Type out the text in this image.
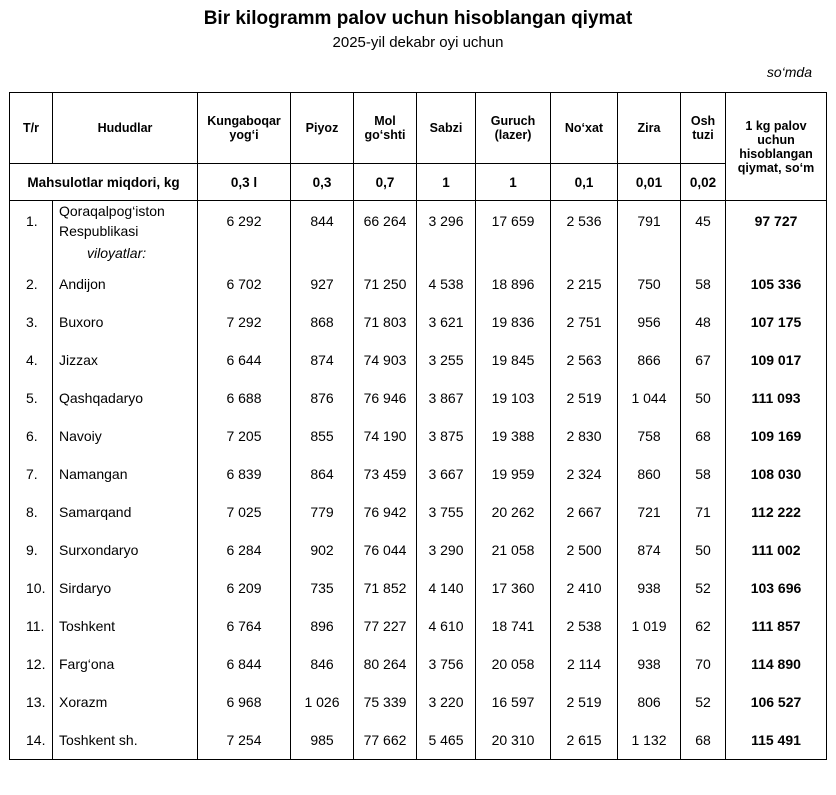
Bir kilogramm palov uchun hisoblangan qiymat
2025-yil dekabr oyi uchun
so‘mda
T/r	Hududlar	Kungaboqar yog‘i	Piyoz	Mol go‘shti	Sabzi	Guruch (lazer)	No‘xat	Zira	Osh tuzi	1 kg palov uchun hisoblangan qiymat, so‘m
Mahsulotlar miqdori, kg		0,3 l	0,3	0,7	1	1	0,1	0,01	0,02	
1.	Qoraqalpog‘iston Respublikasi	6 292	844	66 264	3 296	17 659	2 536	791	45	97 727
	viloyatlar:									
2.	Andijon	6 702	927	71 250	4 538	18 896	2 215	750	58	105 336
3.	Buxoro	7 292	868	71 803	3 621	19 836	2 751	956	48	107 175
4.	Jizzax	6 644	874	74 903	3 255	19 845	2 563	866	67	109 017
5.	Qashqadaryo	6 688	876	76 946	3 867	19 103	2 519	1 044	50	111 093
6.	Navoiy	7 205	855	74 190	3 875	19 388	2 830	758	68	109 169
7.	Namangan	6 839	864	73 459	3 667	19 959	2 324	860	58	108 030
8.	Samarqand	7 025	779	76 942	3 755	20 262	2 667	721	71	112 222
9.	Surxondaryo	6 284	902	76 044	3 290	21 058	2 500	874	50	111 002
10.	Sirdaryo	6 209	735	71 852	4 140	17 360	2 410	938	52	103 696
11.	Toshkent	6 764	896	77 227	4 610	18 741	2 538	1 019	62	111 857
12.	Farg‘ona	6 844	846	80 264	3 756	20 058	2 114	938	70	114 890
13.	Xorazm	6 968	1 026	75 339	3 220	16 597	2 519	806	52	106 527
14.	Toshkent sh.	7 254	985	77 662	5 465	20 310	2 615	1 132	68	115 491
